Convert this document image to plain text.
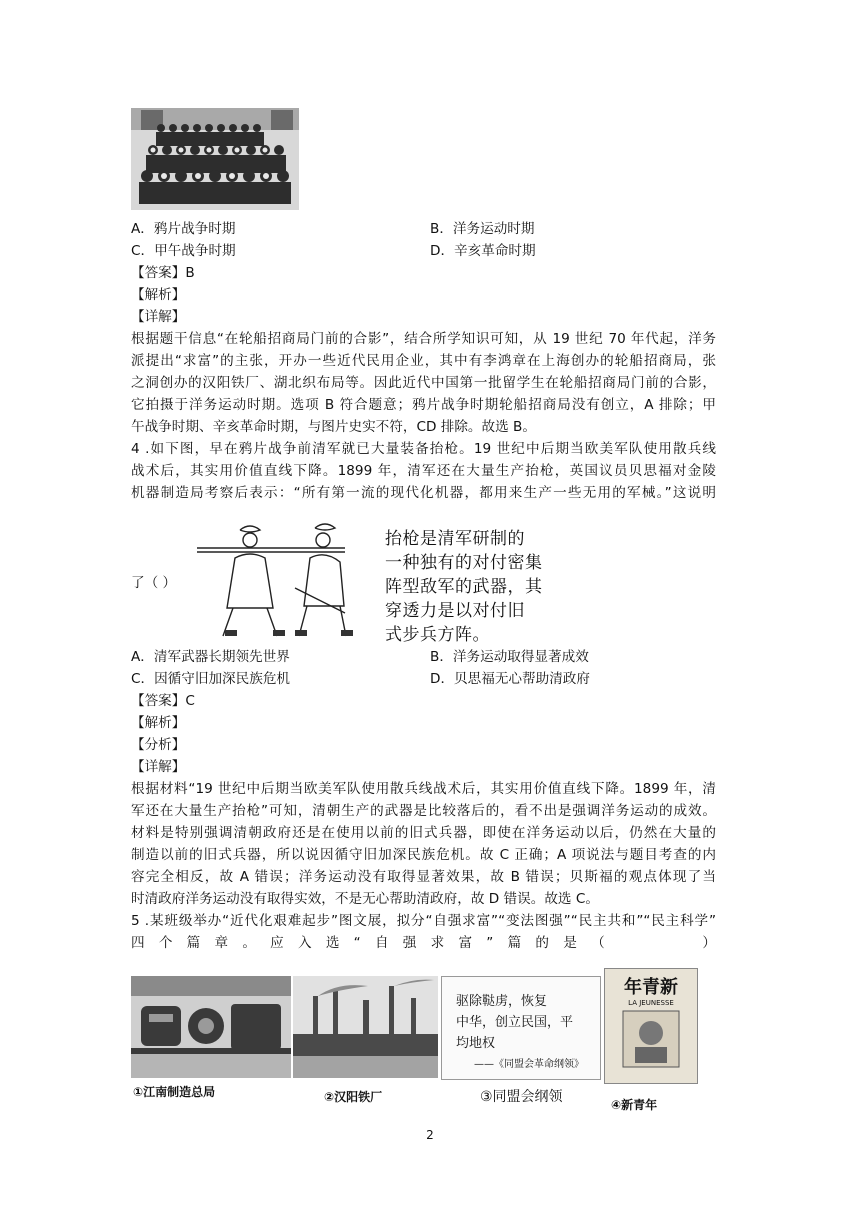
A．鸦片战争时期	B．洋务运动时期
C．甲午战争时期	D．辛亥革命时期
【答案】B
【解析】
【详解】
根据题干信息“在轮船招商局门前的合影”，结合所学知识可知，从 19 世纪 70 年代起，洋务
派提出“求富”的主张，开办一些近代民用企业，其中有李鸿章在上海创办的轮船招商局，张
之洞创办的汉阳铁厂、湖北织布局等。因此近代中国第一批留学生在轮船招商局门前的合影，
它拍摄于洋务运动时期。选项 B 符合题意；鸦片战争时期轮船招商局没有创立，A 排除；甲
午战争时期、辛亥革命时期，与图片史实不符，CD 排除。故选 B。
4 .如下图，早在鸦片战争前清军就已大量装备抬枪。19 世纪中后期当欧美军队使用散兵线
战术后，其实用价值直线下降。1899 年，清军还在大量生产抬枪，英国议员贝思福对金陵
机器制造局考察后表示：“所有第一流的现代化机器，都用来生产一些无用的军械。”这说明
抬枪是清军研制的
一种独有的对付密集
阵型敌军的武器，其
穿透力是以对付旧
式步兵方阵。
了（ ）
A．清军武器长期领先世界	B．洋务运动取得显著成效
C．因循守旧加深民族危机	D．贝思福无心帮助清政府
【答案】C
【解析】
【分析】
【详解】
根据材料“19 世纪中后期当欧美军队使用散兵线战术后，其实用价值直线下降。1899 年，清
军还在大量生产抬枪”可知，清朝生产的武器是比较落后的，看不出是强调洋务运动的成效。
材料是特别强调清朝政府还是在使用以前的旧式兵器，即使在洋务运动以后，仍然在大量的
制造以前的旧式兵器，所以说因循守旧加深民族危机。故 C 正确；A 项说法与题目考查的内
容完全相反，故 A 错误；洋务运动没有取得显著效果，故 B 错误；贝斯福的观点体现了当
时清政府洋务运动没有取得实效，不是无心帮助清政府，故 D 错误。故选 C。
5 .某班级举办“近代化艰难起步”图文展，拟分“自强求富”“变法图强”“民主共和”“民主科学”
四个篇章。应入选“自强求富”篇的是（　　　）
驱除鞑虏，恢复
中华，创立民国，平
均地权
——《同盟会革命纲领》
年青新
LA JEUNESSE
①江南制造总局	②汉阳铁厂	③同盟会纲领	④新青年
2
